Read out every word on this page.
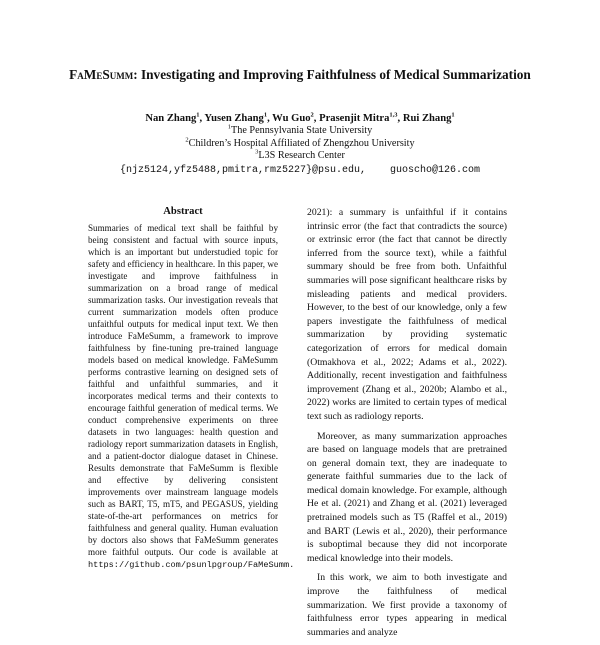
FaMeSumm: Investigating and Improving Faithfulness of Medical Summarization
Nan Zhang$^1$, Yusen Zhang$^1$, Wu Guo$^2$, Prasenjit Mitra$^{1,3}$, Rui Zhang$^1$
$^1$The Pennsylvania State University
$^2$Children’s Hospital Affiliated of Zhengzhou University
$^3$L3S Research Center
{njz5124,yfz5488,pmitra,rmz5227}@psu.edu,    guoscho@126.com
Abstract
Summaries of medical text shall be faithful by being consistent and factual with source inputs, which is an important but understudied topic for safety and efficiency in healthcare. In this paper, we investigate and improve faithfulness in summarization on a broad range of medical summarization tasks. Our investigation reveals that current summarization models often produce unfaithful outputs for medical input text. We then introduce FaMeSumm, a framework to improve faithfulness by fine-tuning pre-trained language models based on medical knowledge. FaMeSumm performs contrastive learning on designed sets of faithful and unfaithful summaries, and it incorporates medical terms and their contexts to encourage faithful generation of medical terms. We conduct comprehensive experiments on three datasets in two languages: health question and radiology report summarization datasets in English, and a patient-doctor dialogue dataset in Chinese. Results demonstrate that FaMeSumm is flexible and effective by delivering consistent improvements over mainstream language models such as BART, T5, mT5, and PEGASUS, yielding state-of-the-art performances on metrics for faithfulness and general quality. Human evaluation by doctors also shows that FaMeSumm generates more faithful outputs. Our code is available at https://github.com/psunlpgroup/FaMeSumm.

2021): a summary is unfaithful if it contains intrinsic error (the fact that contradicts the source) or extrinsic error (the fact that cannot be directly inferred from the source text), while a faithful summary should be free from both. Unfaithful summaries will pose significant healthcare risks by misleading patients and medical providers. However, to the best of our knowledge, only a few papers investigate the faithfulness of medical summarization by providing systematic categorization of errors for medical domain (Otmakhova et al., 2022; Adams et al., 2022). Additionally, recent investigation and faithfulness improvement (Zhang et al., 2020b; Alambo et al., 2022) works are limited to certain types of medical text such as radiology reports.

Moreover, as many summarization approaches are based on language models that are pretrained on general domain text, they are inadequate to generate faithful summaries due to the lack of medical domain knowledge. For example, although He et al. (2021) and Zhang et al. (2021) leveraged pretrained models such as T5 (Raffel et al., 2019) and BART (Lewis et al., 2020), their performance is suboptimal because they did not incorporate medical knowledge into their models.

In this work, we aim to both investigate and improve the faithfulness of medical summarization. We first provide a taxonomy of faithfulness error types appearing in medical summaries and analyze
